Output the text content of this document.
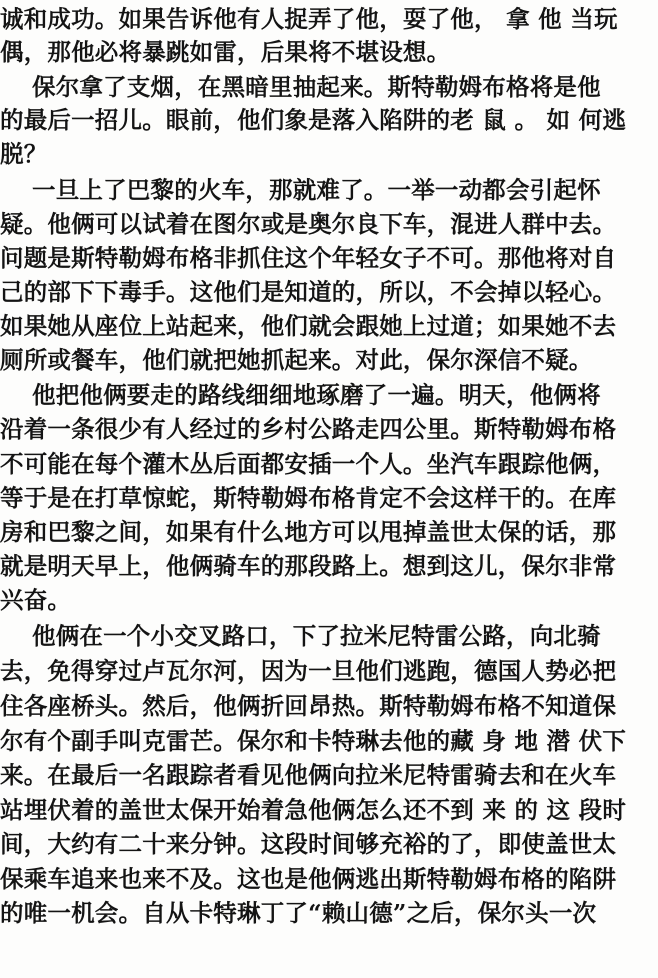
诚和成功。如果告诉他有人捉弄了他，耍了他， 拿 他 当玩
偶，那他必将暴跳如雷，后果将不堪设想。
保尔拿了支烟，在黑暗里抽起来。斯特勒姆布格将是他
的最后一招儿。眼前，他们象是落入陷阱的老 鼠 。 如 何逃
脱？
一旦上了巴黎的火车，那就难了。一举一动都会引起怀
疑。他俩可以试着在图尔或是奥尔良下车，混进人群中去。
问题是斯特勒姆布格非抓住这个年轻女子不可。那他将对自
己的部下下毒手。这他们是知道的，所以，不会掉以轻心。
如果她从座位上站起来，他们就会跟她上过道；如果她不去
厕所或餐车，他们就把她抓起来。对此，保尔深信不疑。
他把他俩要走的路线细细地琢磨了一遍。明天，他俩将
沿着一条很少有人经过的乡村公路走四公里。斯特勒姆布格
不可能在每个灌木丛后面都安插一个人。坐汽车跟踪他俩，
等于是在打草惊蛇，斯特勒姆布格肯定不会这样干的。在库
房和巴黎之间，如果有什么地方可以甩掉盖世太保的话，那
就是明天早上，他俩骑车的那段路上。想到这儿，保尔非常
兴奋。
他俩在一个小交叉路口，下了拉米尼特雷公路，向北骑
去，免得穿过卢瓦尔河，因为一旦他们逃跑，德国人势必把
住各座桥头。然后，他俩折回昂热。斯特勒姆布格不知道保
尔有个副手叫克雷芒。保尔和卡特琳去他的藏 身 地 潜 伏下
来。在最后一名跟踪者看见他俩向拉米尼特雷骑去和在火车
站埋伏着的盖世太保开始着急他俩怎么还不到 来 的 这 段时
间，大约有二十来分钟。这段时间够充裕的了，即使盖世太
保乘车追来也来不及。这也是他俩逃出斯特勒姆布格的陷阱
的唯一机会。自从卡特琳丁了“赖山德”之后，保尔头一次
